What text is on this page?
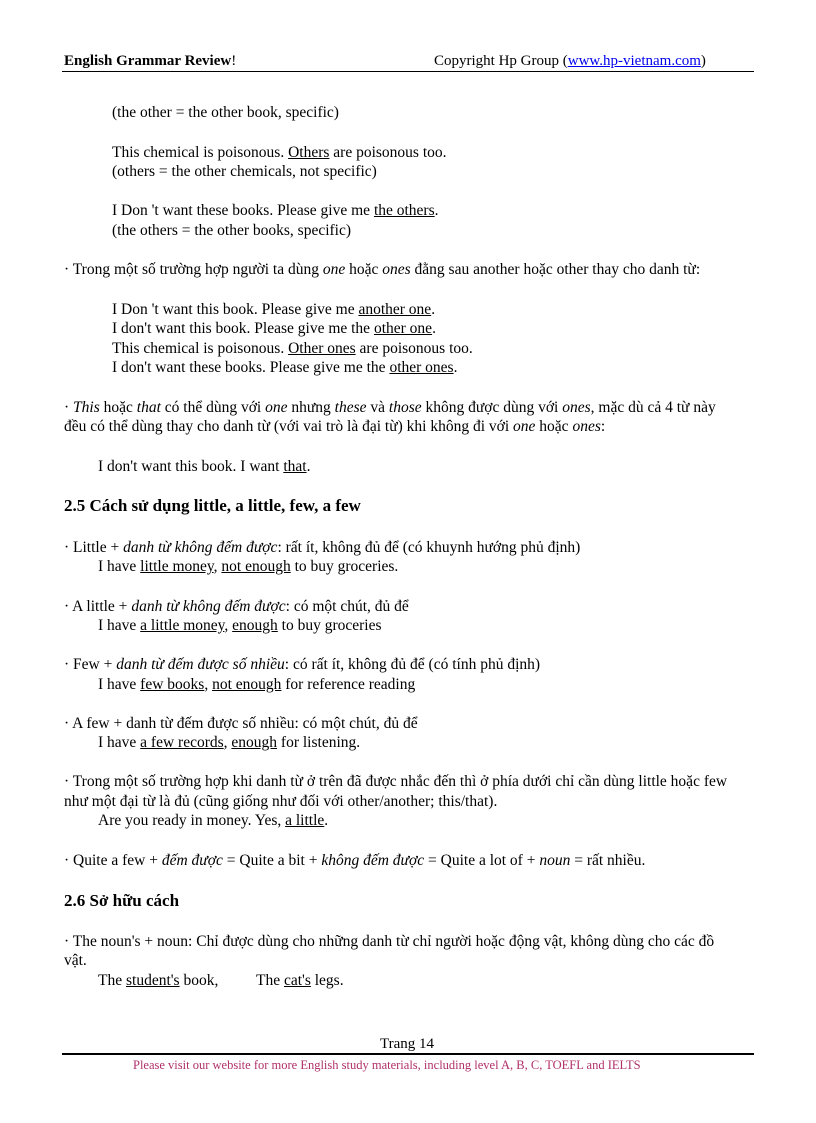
English Grammar Review!	Copyright Hp Group (www.hp-vietnam.com)
(the other = the other book, specific)
This chemical is poisonous. Others are poisonous too.
(others = the other chemicals, not specific)
I Don 't want these books. Please give me the others.
(the others = the other books, specific)
· Trong một số trường hợp người ta dùng one hoặc ones đằng sau another hoặc other thay cho danh từ:
I Don 't want this book. Please give me another one.
I don't want this book. Please give me the other one.
This chemical is poisonous. Other ones are poisonous too.
I don't want these books. Please give me the other ones.
· This hoặc that có thể dùng với one nhưng these và those không được dùng với ones, mặc dù cả 4 từ này
đều có thể dùng thay cho danh từ (với vai trò là đại từ) khi không đi với one hoặc ones:
I don't want this book. I want that.
2.5 Cách sử dụng little, a little, few, a few
· Little + danh từ không đếm được: rất ít, không đủ để (có khuynh hướng phủ định)
I have little money, not enough to buy groceries.
· A little + danh từ không đếm được: có một chút, đủ để
I have a little money, enough to buy groceries
· Few + danh từ đếm được số nhiều: có rất ít, không đủ để (có tính phủ định)
I have few books, not enough for reference reading
· A few + danh từ đếm được số nhiều: có một chút, đủ để
I have a few records, enough for listening.
· Trong một số trường hợp khi danh từ ở trên đã được nhắc đến thì ở phía dưới chỉ cần dùng little hoặc few
như một đại từ là đủ (cũng giống như đối với other/another; this/that).
Are you ready in money. Yes, a little.
· Quite a few + đếm được = Quite a bit + không đếm được = Quite a lot of + noun = rất nhiều.
2.6 Sở hữu cách
· The noun's + noun: Chỉ được dùng cho những danh từ chỉ người hoặc động vật, không dùng cho các đồ
vật.
The student's book, The cat's legs.
Trang 14
Please visit our website for more English study materials, including level A, B, C, TOEFL and IELTS
